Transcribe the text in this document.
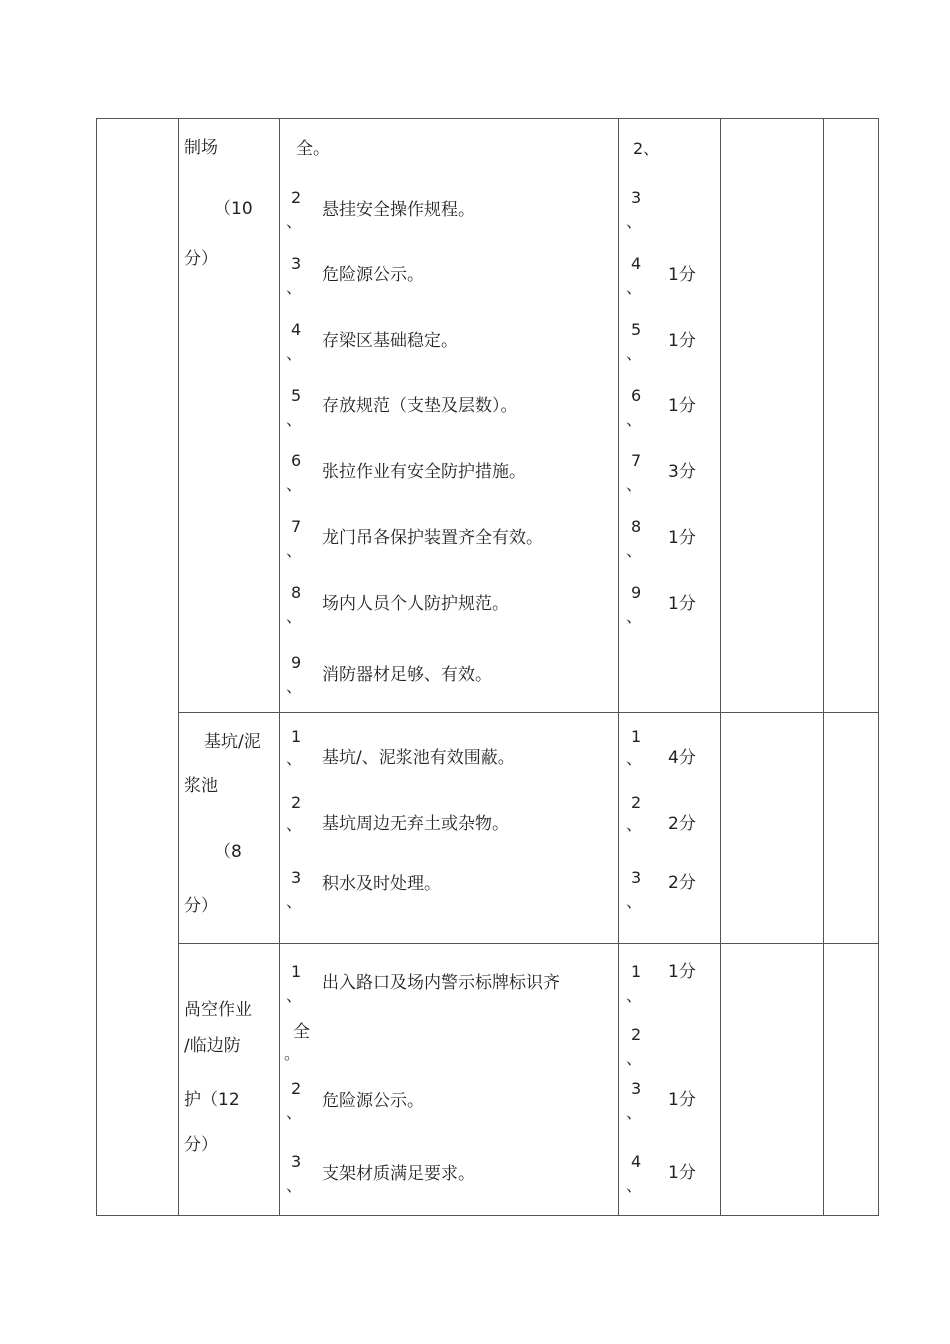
制场
（10
分）
全。
2
、
悬挂安全操作规程。
3
、
危险源公示。
4
、
存梁区基础稳定。
5
、
存放规范（支垫及层数）。
6
、
张拉作业有安全防护措施。
7
、
龙门吊各保护装置齐全有效。
8
、
场内人员个人防护规范。
9
、
消防器材足够、有效。
2、
3
、
4
、
1分
5
、
1分
6
、
1分
7
、
3分
8
、
1分
9
、
1分
基坑/泥
浆池
（8
分）
1
、 基坑/、泥浆池有效围蔽。
2
、 基坑周边无弃土或杂物。
3
、
积水及时处理。
1
、 4分
2
、 2分
3
、
2分
咼空作业
/临边防
护（12
分）
1
、
出入路口及场内警示标牌标识齐
全
。
2
、
危险源公示。
3
、
支架材质满足要求。
1
、
1分
2
、
3
、
1分
4
、
1分
